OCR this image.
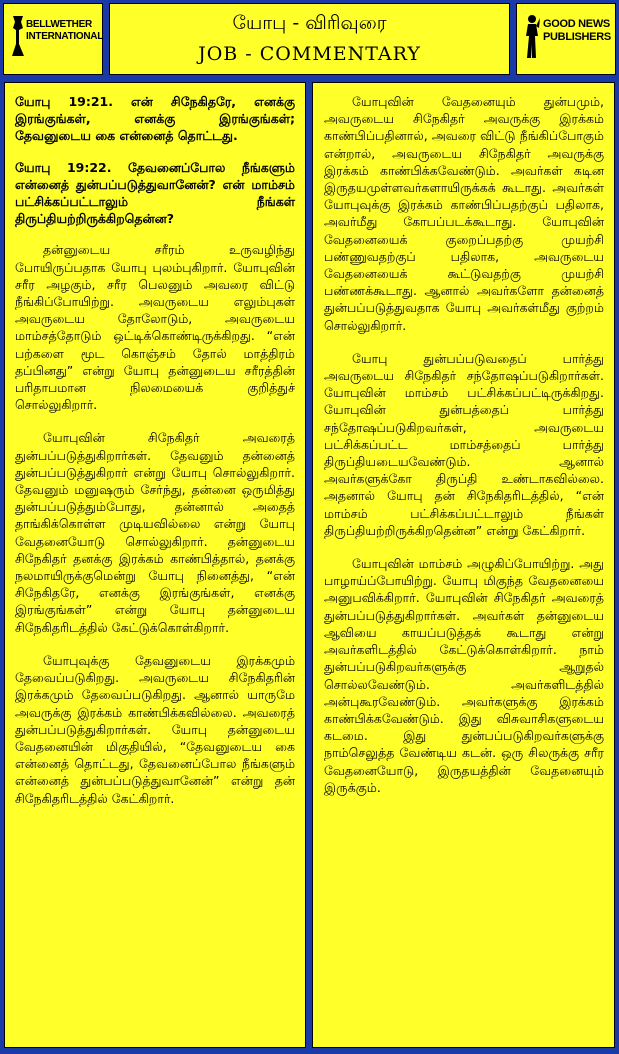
BELLWETHER
INTERNATIONAL
யோபு - விரிவுரை
JOB - COMMENTARY
GOOD NEWS
PUBLISHERS

யோபு 19:21. என் சிநேகிதரே, எனக்கு இரங்குங்கள், எனக்கு இரங்குங்கள்; தேவனுடைய கை என்னைத் தொட்டது.

யோபு 19:22. தேவனைப்போல நீங்களும் என்னைத் துன்பப்படுத்துவானேன்? என் மாம்சம் பட்சிக்கப்பட்டாலும் நீங்கள் திருப்தியற்றிருக்கிறதென்ன?

தன்னுடைய சரீரம் உருவழிந்து போயிருப்பதாக யோபு புலம்புகிறார். யோபுவின் சரீர அழகும், சரீர பெலனும் அவரை விட்டு நீங்கிப்போயிற்று. அவருடைய எலும்புகள் அவருடைய தோலோடும், அவருடைய மாம்சத்தோடும் ஒட்டிக்கொண்டிருக்கிறது. “என் பற்களை மூட கொஞ்சம் தோல் மாத்திரம் தப்பினது” என்று யோபு தன்னுடைய சரீரத்தின் பரிதாபமான நிலமையைக் குறித்துச் சொல்லுகிறார்.

யோபுவின் சிநேகிதர் அவரைத் துன்பப்படுத்துகிறார்கள். தேவனும் தன்னைத் துன்பப்படுத்துகிறார் என்று யோபு சொல்லுகிறார். தேவனும் மனுஷரும் சேர்ந்து, தன்னை ஒருமித்து துன்பப்படுத்தும்போது, தன்னால் அதைத் தாங்கிக்கொள்ள முடியவில்லை என்று யோபு வேதனையோடு சொல்லுகிறார். தன்னுடைய சிநேகிதர் தனக்கு இரக்கம் காண்பித்தால், தனக்கு நலமாயிருக்குமென்று யோபு நினைத்து, “என் சிநேகிதரே, எனக்கு இரங்குங்கள், எனக்கு இரங்குங்கள்” என்று யோபு தன்னுடைய சிநேகிதரிடத்தில் கேட்டுக்கொள்கிறார்.

யோபுவுக்கு தேவனுடைய இரக்கமும் தேவைப்படுகிறது. அவருடைய சிநேகிதரின் இரக்கமும் தேவைப்படுகிறது. ஆனால் யாருமே அவருக்கு இரக்கம் காண்பிக்கவில்லை. அவரைத் துன்பப்படுத்துகிறார்கள். யோபு தன்னுடைய வேதனையின் மிகுதியில், “தேவனுடைய கை என்னைத் தொட்டது, தேவனைப்போல நீங்களும் என்னைத் துன்பப்படுத்துவானேன்” என்று தன் சிநேகிதரிடத்தில் கேட்கிறார்.

யோபுவின் வேதனையும் துன்பமும், அவருடைய சிநேகிதர் அவருக்கு இரக்கம் காண்பிப்பதினால், அவரை விட்டு நீங்கிப்போகும் என்றால், அவருடைய சிநேகிதர் அவருக்கு இரக்கம் காண்பிக்கவேண்டும். அவர்கள் கடின இருதயமுள்ளவர்களாயிருக்கக் கூடாது. அவர்கள் யோபுவுக்கு இரக்கம் காண்பிப்பதற்குப் பதிலாக, அவர்மீது கோபப்படக்கூடாது. யோபுவின் வேதனையைக் குறைப்பதற்கு முயற்சி பண்ணுவதற்குப் பதிலாக, அவருடைய வேதனையைக் கூட்டுவதற்கு முயற்சி பண்ணக்கூடாது. ஆனால் அவர்களோ தன்னைத் துன்பப்படுத்துவதாக யோபு அவர்கள்மீது குற்றம் சொல்லுகிறார்.

யோபு துன்பப்படுவதைப் பார்த்து அவருடைய சிநேகிதர் சந்தோஷப்படுகிறார்கள். யோபுவின் மாம்சம் பட்சிக்கப்பட்டிருக்கிறது. யோபுவின் துன்பத்தைப் பார்த்து சந்தோஷப்படுகிறவர்கள், அவருடைய பட்சிக்கப்பட்ட மாம்சத்தைப் பார்த்து திருப்தியடையவேண்டும். ஆனால் அவர்களுக்கோ திருப்தி உண்டாகவில்லை. அதனால் யோபு தன் சிநேகிதரிடத்தில், “என் மாம்சம் பட்சிக்கப்பட்டாலும் நீங்கள் திருப்தியற்றிருக்கிறதென்ன” என்று கேட்கிறார்.

யோபுவின் மாம்சம் அழுகிப்போயிற்று. அது பாழாய்ப்போயிற்று. யோபு மிகுந்த வேதனையை அனுபவிக்கிறார். யோபுவின் சிநேகிதர் அவரைத் துன்பப்படுத்துகிறார்கள். அவர்கள் தன்னுடைய ஆவியை காயப்படுத்தக் கூடாது என்று அவர்களிடத்தில் கேட்டுக்கொள்கிறார். நாம் துன்பப்படுகிறவர்களுக்கு ஆறுதல் சொல்லவேண்டும். அவர்களிடத்தில் அன்புகூரவேண்டும். அவர்களுக்கு இரக்கம் காண்பிக்கவேண்டும். இது விசுவாசிகளுடைய கடமை. இது துன்பப்படுகிறவர்களுக்கு நாம்செலுத்த வேண்டிய கடன். ஒரு சிலருக்கு சரீர வேதனையோடு, இருதயத்தின் வேதனையும் இருக்கும்.
